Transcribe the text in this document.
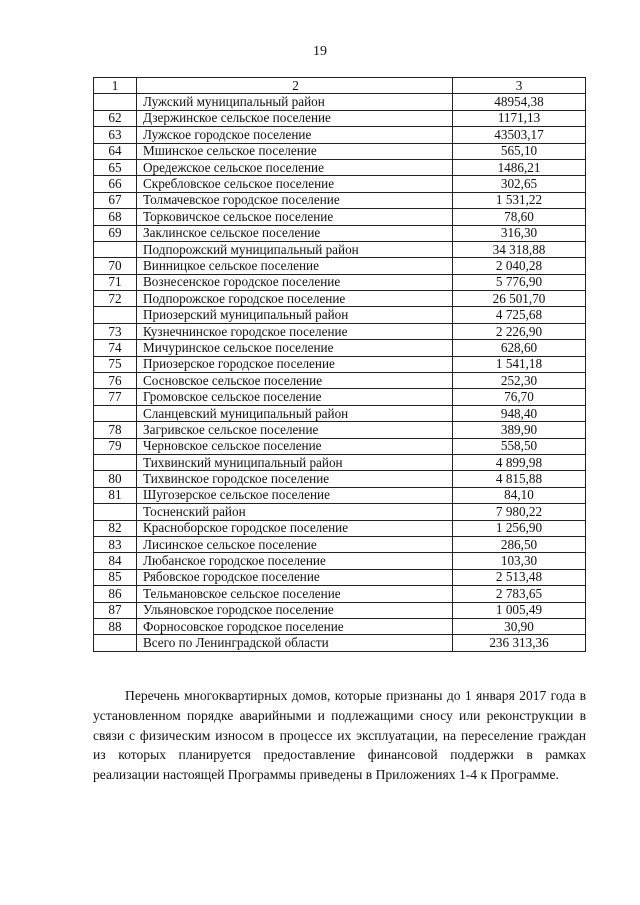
19
1	2	3
	Лужский муниципальный район	48954,38
62	Дзержинское сельское поселение	1171,13
63	Лужское городское поселение	43503,17
64	Мшинское сельское поселение	565,10
65	Оредежское сельское поселение	1486,21
66	Скребловское сельское поселение	302,65
67	Толмачевское городское поселение	1 531,22
68	Торковичское сельское поселение	78,60
69	Заклинское сельское поселение	316,30
	Подпорожский муниципальный район	34 318,88
70	Винницкое сельское поселение	2 040,28
71	Вознесенское городское поселение	5 776,90
72	Подпорожское городское поселение	26 501,70
	Приозерский муниципальный район	4 725,68
73	Кузнечнинское городское поселение	2 226,90
74	Мичуринское сельское поселение	628,60
75	Приозерское городское поселение	1 541,18
76	Сосновское сельское поселение	252,30
77	Громовское сельское поселение	76,70
	Сланцевский муниципальный район	948,40
78	Загривское сельское поселение	389,90
79	Черновское сельское поселение	558,50
	Тихвинский муниципальный район	4 899,98
80	Тихвинское городское поселение	4 815,88
81	Шугозерское сельское поселение	84,10
	Тосненский район	7 980,22
82	Красноборское городское поселение	1 256,90
83	Лисинское сельское поселение	286,50
84	Любанское городское поселение	103,30
85	Рябовское городское поселение	2 513,48
86	Тельмановское сельское поселение	2 783,65
87	Ульяновское городское поселение	1 005,49
88	Форносовское городское поселение	30,90
	Всего по Ленинградской области	236 313,36
Перечень многоквартирных домов, которые признаны до 1 января 2017 года в установленном порядке аварийными и подлежащими сносу или реконструкции в связи с физическим износом в процессе их эксплуатации, на переселение граждан из которых планируется предоставление финансовой поддержки в рамках реализации настоящей Программы приведены в Приложениях 1-4 к Программе.
